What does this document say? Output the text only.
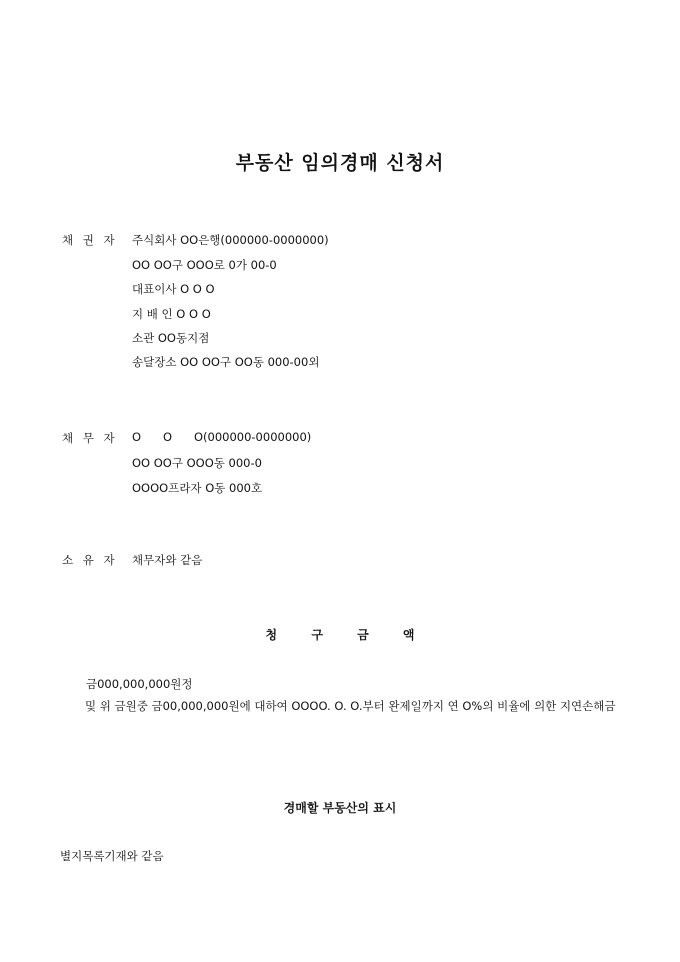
부동산 임의경매 신청서
채 권 자 주식회사 OO은행(000000-0000000)
OO OO구 OOO로 0가 00-0
대표이사 O O O
지 배 인 O O O
소관 OO동지점
송달장소 OO OO구 OO동 000-00외
채 무 자 O      O      O(000000-0000000)
OO OO구 OOO동 000-0
OOOO프라자 O동 000호
소 유 자 채무자와 같음
청 구 금 액
금000,000,000원정
및 위 금원중 금00,000,000원에 대하여 OOOO. O. O.부터 완제일까지 연 O%의 비율에 의한 지연손해금
경매할 부동산의 표시
별지목록기재와 같음
